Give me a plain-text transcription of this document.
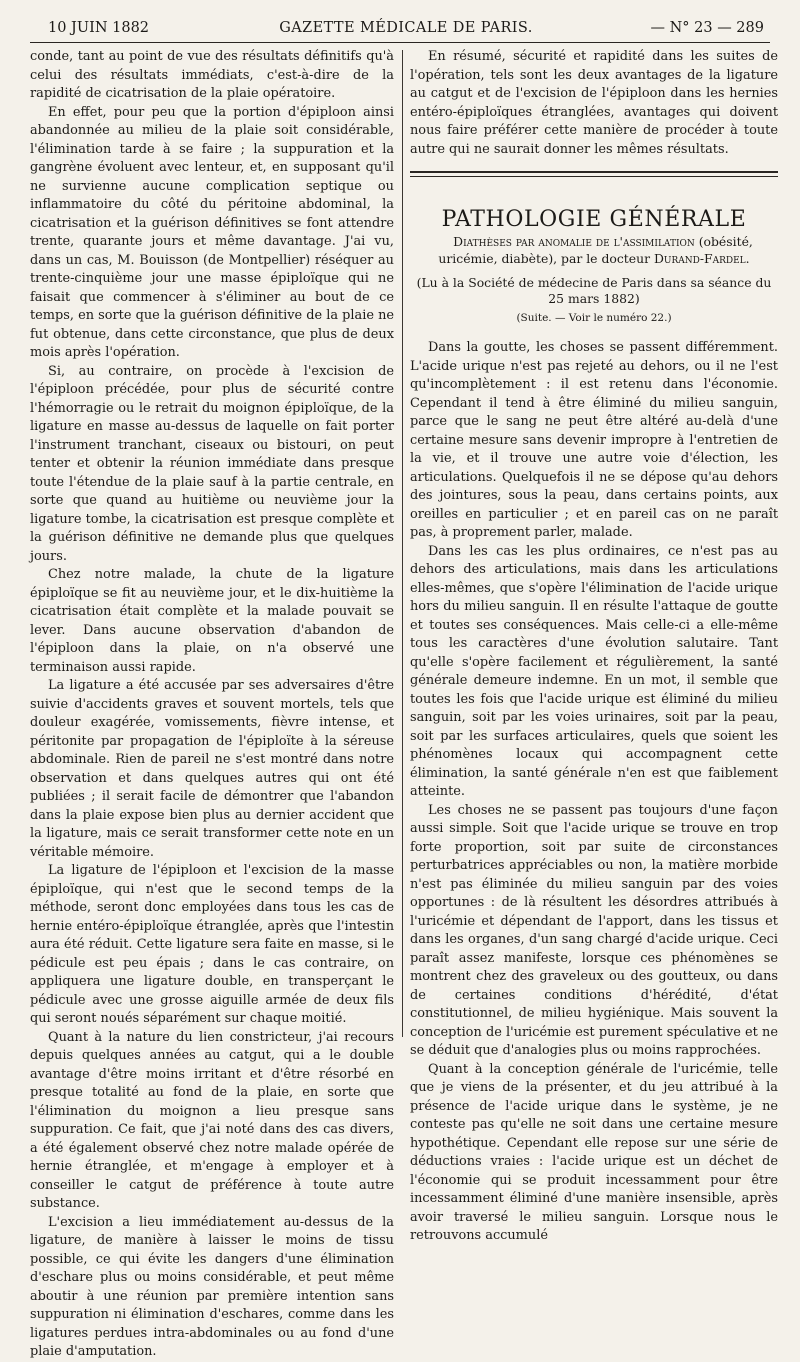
10 JUIN 1882	GAZETTE MÉDICALE DE PARIS.	— N° 23 — 289

conde, tant au point de vue des résultats définitifs qu'à celui des résultats immédiats, c'est-à-dire de la rapidité de cicatrisation de la plaie opératoire.

En effet, pour peu que la portion d'épiploon ainsi abandonnée au milieu de la plaie soit considérable, l'élimination tarde à se faire ; la suppuration et la gangrène évoluent avec lenteur, et, en supposant qu'il ne survienne aucune complication septique ou inflammatoire du côté du péritoine abdominal, la cicatrisation et la guérison définitives se font attendre trente, quarante jours et même davantage. J'ai vu, dans un cas, M. Bouisson (de Montpellier) réséquer au trente-cinquième jour une masse épiploïque qui ne faisait que commencer à s'éliminer au bout de ce temps, en sorte que la guérison définitive de la plaie ne fut obtenue, dans cette circonstance, que plus de deux mois après l'opération.

Si, au contraire, on procède à l'excision de l'épiploon précédée, pour plus de sécurité contre l'hémorragie ou le retrait du moignon épiploïque, de la ligature en masse au-dessus de laquelle on fait porter l'instrument tranchant, ciseaux ou bistouri, on peut tenter et obtenir la réunion immédiate dans presque toute l'étendue de la plaie sauf à la partie centrale, en sorte que quand au huitième ou neuvième jour la ligature tombe, la cicatrisation est presque complète et la guérison définitive ne demande plus que quelques jours.

Chez notre malade, la chute de la ligature épiploïque se fit au neuvième jour, et le dix-huitième la cicatrisation était complète et la malade pouvait se lever. Dans aucune observation d'abandon de l'épiploon dans la plaie, on n'a observé une terminaison aussi rapide.

La ligature a été accusée par ses adversaires d'être suivie d'accidents graves et souvent mortels, tels que douleur exagérée, vomissements, fièvre intense, et péritonite par propagation de l'épiploïte à la séreuse abdominale. Rien de pareil ne s'est montré dans notre observation et dans quelques autres qui ont été publiées ; il serait facile de démontrer que l'abandon dans la plaie expose bien plus au dernier accident que la ligature, mais ce serait transformer cette note en un véritable mémoire.

La ligature de l'épiploon et l'excision de la masse épiploïque, qui n'est que le second temps de la méthode, seront donc employées dans tous les cas de hernie entéro-épiploïque étranglée, après que l'intestin aura été réduit. Cette ligature sera faite en masse, si le pédicule est peu épais ; dans le cas contraire, on appliquera une ligature double, en transperçant le pédicule avec une grosse aiguille armée de deux fils qui seront noués séparément sur chaque moitié.

Quant à la nature du lien constricteur, j'ai recours depuis quelques années au catgut, qui a le double avantage d'être moins irritant et d'être résorbé en presque totalité au fond de la plaie, en sorte que l'élimination du moignon a lieu presque sans suppuration. Ce fait, que j'ai noté dans des cas divers, a été également observé chez notre malade opérée de hernie étranglée, et m'engage à employer et à conseiller le catgut de préférence à toute autre substance.

L'excision a lieu immédiatement au-dessus de la ligature, de manière à laisser le moins de tissu possible, ce qui évite les dangers d'une élimination d'eschare plus ou moins considérable, et peut même aboutir à une réunion par première intention sans suppuration ni élimination d'eschares, comme dans les ligatures perdues intra-abdominales ou au fond d'une plaie d'amputation.

En résumé, sécurité et rapidité dans les suites de l'opération, tels sont les deux avantages de la ligature au catgut et de l'excision de l'épiploon dans les hernies entéro-épiploïques étranglées, avantages qui doivent nous faire préférer cette manière de procéder à toute autre qui ne saurait donner les mêmes résultats.

PATHOLOGIE GÉNÉRALE

Diathèses par anomalie de l'assimilation (obésité, uricémie, diabète), par le docteur Durand-Fardel.

(Lu à la Société de médecine de Paris dans sa séance du 25 mars 1882)
(Suite. — Voir le numéro 22.)

Dans la goutte, les choses se passent différemment. L'acide urique n'est pas rejeté au dehors, ou il ne l'est qu'incomplètement : il est retenu dans l'économie. Cependant il tend à être éliminé du milieu sanguin, parce que le sang ne peut être altéré au-delà d'une certaine mesure sans devenir impropre à l'entretien de la vie, et il trouve une autre voie d'élection, les articulations. Quelquefois il ne se dépose qu'au dehors des jointures, sous la peau, dans certains points, aux oreilles en particulier ; et en pareil cas on ne paraît pas, à proprement parler, malade.

Dans les cas les plus ordinaires, ce n'est pas au dehors des articulations, mais dans les articulations elles-mêmes, que s'opère l'élimination de l'acide urique hors du milieu sanguin. Il en résulte l'attaque de goutte et toutes ses conséquences. Mais celle-ci a elle-même tous les caractères d'une évolution salutaire. Tant qu'elle s'opère facilement et régulièrement, la santé générale demeure indemne. En un mot, il semble que toutes les fois que l'acide urique est éliminé du milieu sanguin, soit par les voies urinaires, soit par la peau, soit par les surfaces articulaires, quels que soient les phénomènes locaux qui accompagnent cette élimination, la santé générale n'en est que faiblement atteinte.

Les choses ne se passent pas toujours d'une façon aussi simple. Soit que l'acide urique se trouve en trop forte proportion, soit par suite de circonstances perturbatrices appréciables ou non, la matière morbide n'est pas éliminée du milieu sanguin par des voies opportunes : de là résultent les désordres attribués à l'uricémie et dépendant de l'apport, dans les tissus et dans les organes, d'un sang chargé d'acide urique. Ceci paraît assez manifeste, lorsque ces phénomènes se montrent chez des graveleux ou des goutteux, ou dans de certaines conditions d'hérédité, d'état constitutionnel, de milieu hygiénique. Mais souvent la conception de l'uricémie est purement spéculative et ne se déduit que d'analogies plus ou moins rapprochées.

Quant à la conception générale de l'uricémie, telle que je viens de la présenter, et du jeu attribué à la présence de l'acide urique dans le système, je ne conteste pas qu'elle ne soit dans une certaine mesure hypothétique. Cependant elle repose sur une série de déductions vraies : l'acide urique est un déchet de l'économie qui se produit incessamment pour être incessamment éliminé d'une manière insensible, après avoir traversé le milieu sanguin. Lorsque nous le retrouvons accumulé
